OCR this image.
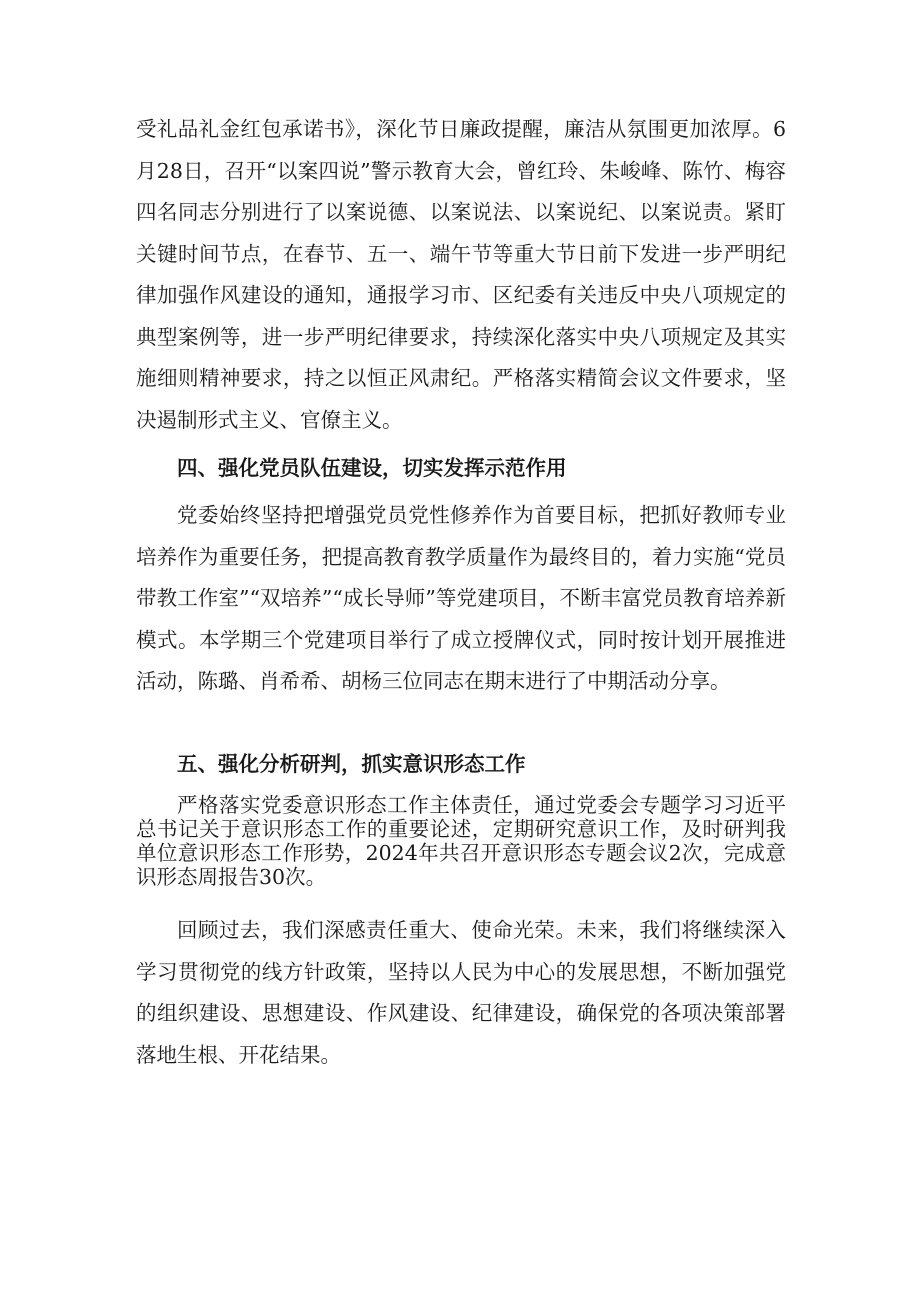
受礼品礼金红包承诺书》，深化节日廉政提醒，廉洁从氛围更加浓厚。6月28日，召开“以案四说”警示教育大会，曾红玲、朱峻峰、陈竹、梅容四名同志分别进行了以案说德、以案说法、以案说纪、以案说责。紧盯关键时间节点，在春节、五一、端午节等重大节日前下发进一步严明纪律加强作风建设的通知，通报学习市、区纪委有关违反中央八项规定的典型案例等，进一步严明纪律要求，持续深化落实中央八项规定及其实施细则精神要求，持之以恒正风肃纪。严格落实精简会议文件要求，坚决遏制形式主义、官僚主义。

四、强化党员队伍建设，切实发挥示范作用

党委始终坚持把增强党员党性修养作为首要目标，把抓好教师专业培养作为重要任务，把提高教育教学质量作为最终目的，着力实施“党员带教工作室”“双培养”“成长导师”等党建项目，不断丰富党员教育培养新模式。本学期三个党建项目举行了成立授牌仪式，同时按计划开展推进活动，陈璐、肖希希、胡杨三位同志在期末进行了中期活动分享。

五、强化分析研判，抓实意识形态工作

严格落实党委意识形态工作主体责任，通过党委会专题学习习近平总书记关于意识形态工作的重要论述，定期研究意识工作，及时研判我单位意识形态工作形势，2024年共召开意识形态专题会议2次，完成意识形态周报告30次。

回顾过去，我们深感责任重大、使命光荣。未来，我们将继续深入学习贯彻党的线方针政策，坚持以人民为中心的发展思想，不断加强党的组织建设、思想建设、作风建设、纪律建设，确保党的各项决策部署落地生根、开花结果。
